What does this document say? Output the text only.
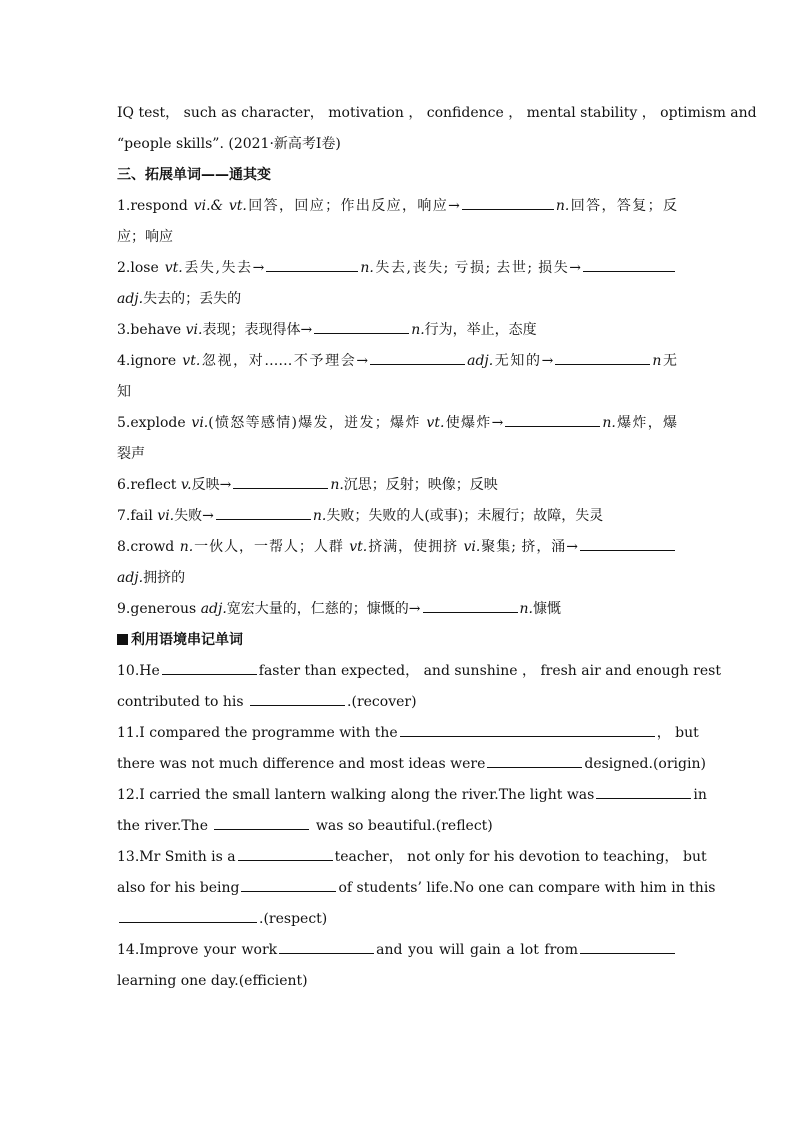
IQ test， such as character， motivation ， confidence ， mental stability ， optimism and
“people skills”. (2021·新高考Ⅰ卷)
三、拓展单词——通其变
1.respond vi.& vt.回答，回应；作出反应，响应→	n.回答，答复；反
应；响应
2.lose vt.丢失,失去→	n.失去,丧失; 亏损; 去世; 损失→
adj.失去的；丢失的
3.behave vi.表现；表现得体→	n.行为，举止，态度
4.ignore vt.忽视，对……不予理会→	adj.无知的→	n无
知
5.explode vi.(愤怒等感情)爆发，迸发；爆炸 vt.使爆炸→	n.爆炸，爆
裂声
6.reflect v.反映→	n.沉思；反射；映像；反映
7.fail vi.失败→	n.失败；失败的人(或事)；未履行；故障，失灵
8.crowd n.一伙人，一帮人；人群 vt.挤满，使拥挤 vi.聚集; 挤，涌→
adj.拥挤的
9.generous adj.宽宏大量的，仁慈的；慷慨的→	n.慷慨
利用语境串记单词
10.He	faster than expected， and sunshine ， fresh air and enough rest
contributed to his	.(recover)
11.I compared the programme with the	， but
there was not much difference and most ideas were	designed.(origin)
12.I carried the small lantern walking along the river.The light was	in
the river.The	was so beautiful.(reflect)
13.Mr Smith is a	teacher， not only for his devotion to teaching， but
also for his being	of students’ life.No one can compare with him in this
.(respect)
14.Improve your work	and you will gain a lot from
learning one day.(efficient)
